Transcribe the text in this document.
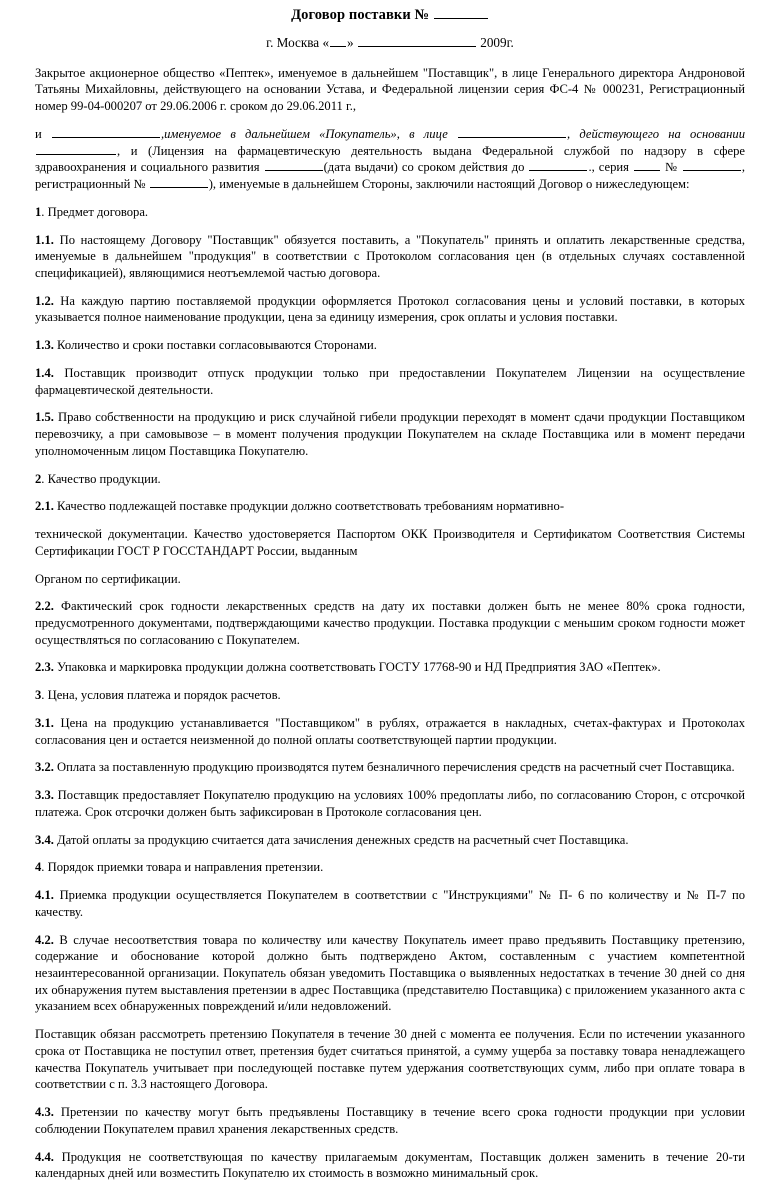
Договор поставки №
г. Москва « »	2009г.

Закрытое акционерное общество «Пептек», именуемое в дальнейшем "Поставщик", в лице Генерального директора Андроновой Татьяны Михайловны, действующего на основании Устава, и Федеральной лицензии серия ФС-4 № 000231, Регистрационный номер 99-04-000207 от 29.06.2006 г. сроком до 29.06.2011 г.,

и	,именуемое в дальнейшем «Покупатель», в лице	, действующего на основании , и (Лицензия на фармацевтическую деятельность выдана Федеральной службой по надзору в сфере здравоохранения и социального развития	(дата выдачи) со сроком действия до	., серия	№	, регистрационный №	), именуемые в дальнейшем Стороны, заключили настоящий Договор о нижеследующем:

1. Предмет договора.

1.1. По настоящему Договору "Поставщик" обязуется поставить, а "Покупатель" принять и оплатить лекарственные средства, именуемые в дальнейшем "продукция" в соответствии с Протоколом согласования цен (в отдельных случаях составленной спецификацией), являющимися неотъемлемой частью договора.

1.2. На каждую партию поставляемой продукции оформляется Протокол согласования цены и условий поставки, в которых указывается полное наименование продукции, цена за единицу измерения, срок оплаты и условия поставки.

1.3. Количество и сроки поставки согласовываются Сторонами.

1.4. Поставщик производит отпуск продукции только при предоставлении Покупателем Лицензии на осуществление фармацевтической деятельности.

1.5. Право собственности на продукцию и риск случайной гибели продукции переходят в момент сдачи продукции Поставщиком перевозчику, а при самовывозе – в момент получения продукции Покупателем на складе Поставщика или в момент передачи уполномоченным лицом Поставщика Покупателю.

2. Качество продукции.

2.1. Качество подлежащей поставке продукции должно соответствовать требованиям нормативно-

технической документации. Качество удостоверяется Паспортом ОКК Производителя и Сертификатом Соответствия Системы Сертификации ГОСТ Р ГОССТАНДАРТ России, выданным

Органом по сертификации.

2.2. Фактический срок годности лекарственных средств на дату их поставки должен быть не менее 80% срока годности, предусмотренного документами, подтверждающими качество продукции. Поставка продукции с меньшим сроком годности может осуществляться по согласованию с Покупателем.

2.3. Упаковка и маркировка продукции должна соответствовать ГОСТУ 17768-90 и НД Предприятия ЗАО «Пептек».

3. Цена, условия платежа и порядок расчетов.

3.1. Цена на продукцию устанавливается "Поставщиком" в рублях, отражается в накладных, счетах-фактурах и Протоколах согласования цен и остается неизменной до полной оплаты соответствующей партии продукции.

3.2. Оплата за поставленную продукцию производятся путем безналичного перечисления средств на расчетный счет Поставщика.

3.3. Поставщик предоставляет Покупателю продукцию на условиях 100% предоплаты либо, по согласованию Сторон, с отсрочкой платежа. Срок отсрочки должен быть зафиксирован в Протоколе согласования цен.

3.4. Датой оплаты за продукцию считается дата зачисления денежных средств на расчетный счет Поставщика.

4. Порядок приемки товара и направления претензии.

4.1. Приемка продукции осуществляется Покупателем в соответствии с "Инструкциями" № П- 6 по количеству и № П-7 по качеству.

4.2. В случае несоответствия товара по количеству или качеству Покупатель имеет право предъявить Поставщику претензию, содержание и обоснование которой должно быть подтверждено Актом, составленным с участием компетентной незаинтересованной организации. Покупатель обязан уведомить Поставщика о выявленных недостатках в течение 30 дней со дня их обнаружения путем выставления претензии в адрес Поставщика (представителю Поставщика) с приложением указанного акта с указанием всех обнаруженных повреждений и/или недовложений.

Поставщик обязан рассмотреть претензию Покупателя в течение 30 дней с момента ее получения. Если по истечении указанного срока от Поставщика не поступил ответ, претензия будет считаться принятой, а сумму ущерба за поставку товара ненадлежащего качества Покупатель учитывает при последующей поставке путем удержания соответствующих сумм, либо при оплате товара в соответствии с п. 3.3 настоящего Договора.

4.3. Претензии по качеству могут быть предъявлены Поставщику в течение всего срока годности продукции при условии соблюдении Покупателем правил хранения лекарственных средств.

4.4. Продукция не соответствующая по качеству прилагаемым документам, Поставщик должен заменить в течение 20-ти календарных дней или возместить Покупателю их стоимость в возможно минимальный срок.
